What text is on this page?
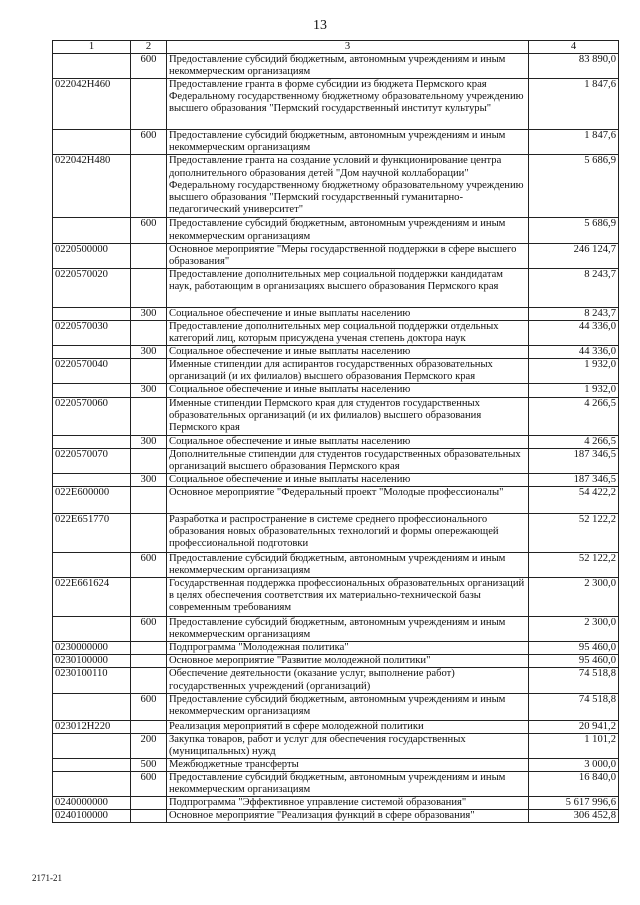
13
1	2	3	4
	600	Предоставление субсидий бюджетным, автономным учреждениям и иным некоммерческим организациям	83 890,0
022042Н460		Предоставление гранта в форме субсидии из бюджета Пермского края Федеральному государственному бюджетному образовательному учреждению высшего образования "Пермский государственный институт культуры"	1 847,6
	600	Предоставление субсидий бюджетным, автономным учреждениям и иным некоммерческим организациям	1 847,6
022042Н480		Предоставление гранта на создание условий и функционирование центра дополнительного образования детей "Дом научной коллаборации" Федеральному государственному бюджетному образовательному учреждению высшего образования "Пермский государственный гуманитарно-педагогический университет"	5 686,9
	600	Предоставление субсидий бюджетным, автономным учреждениям и иным некоммерческим организациям	5 686,9
0220500000		Основное мероприятие "Меры государственной поддержки в сфере высшего образования"	246 124,7
0220570020		Предоставление дополнительных мер социальной поддержки кандидатам наук, работающим в организациях высшего образования Пермского края	8 243,7
	300	Социальное обеспечение и иные выплаты населению	8 243,7
0220570030		Предоставление дополнительных мер социальной поддержки отдельных категорий лиц, которым присуждена ученая степень доктора наук	44 336,0
	300	Социальное обеспечение и иные выплаты населению	44 336,0
0220570040		Именные стипендии для аспирантов государственных образовательных организаций (и их филиалов) высшего образования Пермского края	1 932,0
	300	Социальное обеспечение и иные выплаты населению	1 932,0
0220570060		Именные стипендии Пермского края для студентов государственных образовательных организаций (и их филиалов) высшего образования Пермского края	4 266,5
	300	Социальное обеспечение и иные выплаты населению	4 266,5
0220570070		Дополнительные стипендии для студентов государственных образовательных организаций высшего образования Пермского края	187 346,5
	300	Социальное обеспечение и иные выплаты населению	187 346,5
022Е600000		Основное мероприятие "Федеральный проект "Молодые профессионалы"	54 422,2
022Е651770		Разработка и распространение в системе среднего профессионального образования новых образовательных технологий и формы опережающей профессиональной подготовки	52 122,2
	600	Предоставление субсидий бюджетным, автономным учреждениям и иным некоммерческим организациям	52 122,2
022Е661624		Государственная поддержка профессиональных образовательных организаций в целях обеспечения соответствия их материально-технической базы современным требованиям	2 300,0
	600	Предоставление субсидий бюджетным, автономным учреждениям и иным некоммерческим организациям	2 300,0
0230000000		Подпрограмма "Молодежная политика"	95 460,0
0230100000		Основное мероприятие "Развитие молодежной политики"	95 460,0
0230100110		Обеспечение деятельности (оказание услуг, выполнение работ) государственных учреждений (организаций)	74 518,8
	600	Предоставление субсидий бюджетным, автономным учреждениям и иным некоммерческим организациям	74 518,8
023012Н220		Реализация мероприятий в сфере молодежной политики	20 941,2
	200	Закупка товаров, работ и услуг для обеспечения государственных (муниципальных) нужд	1 101,2
	500	Межбюджетные трансферты	3 000,0
	600	Предоставление субсидий бюджетным, автономным учреждениям и иным некоммерческим организациям	16 840,0
0240000000		Подпрограмма "Эффективное управление системой образования"	5 617 996,6
0240100000		Основное мероприятие "Реализация функций в сфере образования"	306 452,8
2171-21
